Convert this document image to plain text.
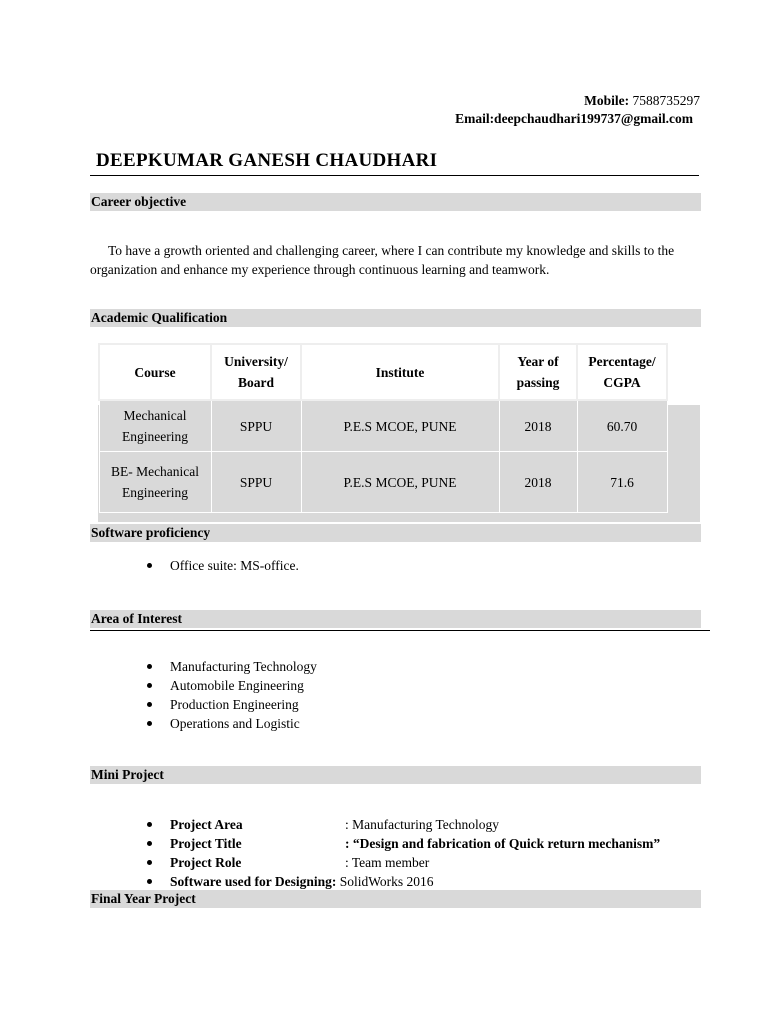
Mobile: 7588735297
Email:deepchaudhari199737@gmail.com
DEEPKUMAR GANESH CHAUDHARI
Career objective
To have a growth oriented and challenging career, where I can contribute my knowledge and skills to the organization and enhance my experience through continuous learning and teamwork.
Academic Qualification
Course	University/ Board	Institute	Year of passing	Percentage/ CGPA
Mechanical Engineering	SPPU	P.E.S MCOE, PUNE	2018	60.70
BE- Mechanical Engineering	SPPU	P.E.S MCOE, PUNE	2018	71.6
Software proficiency
Office suite: MS-office.
Area of Interest
Manufacturing Technology
Automobile Engineering
Production Engineering
Operations and Logistic
Mini Project
Project Area	: Manufacturing Technology
Project Title	: “Design and fabrication of Quick return mechanism”
Project Role	: Team member
Software used for Designing: SolidWorks 2016
Final Year Project
